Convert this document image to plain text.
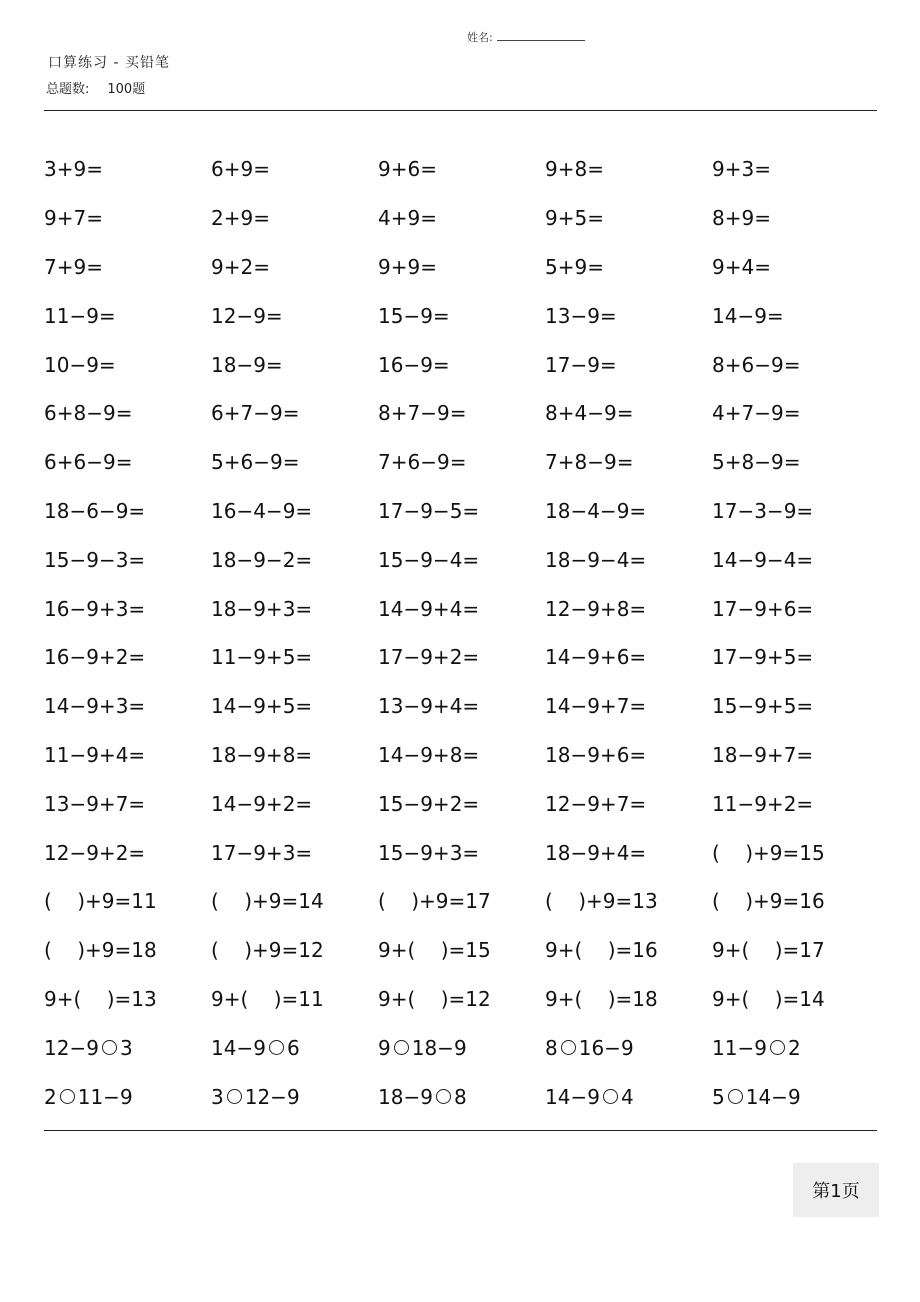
姓名:
口算练习 - 买铅笔
总题数: 100题
3+9=	6+9=	9+6=	9+8=	9+3=
9+7=	2+9=	4+9=	9+5=	8+9=
7+9=	9+2=	9+9=	5+9=	9+4=
11−9=	12−9=	15−9=	13−9=	14−9=
10−9=	18−9=	16−9=	17−9=	8+6−9=
6+8−9=	6+7−9=	8+7−9=	8+4−9=	4+7−9=
6+6−9=	5+6−9=	7+6−9=	7+8−9=	5+8−9=
18−6−9=	16−4−9=	17−9−5=	18−4−9=	17−3−9=
15−9−3=	18−9−2=	15−9−4=	18−9−4=	14−9−4=
16−9+3=	18−9+3=	14−9+4=	12−9+8=	17−9+6=
16−9+2=	11−9+5=	17−9+2=	14−9+6=	17−9+5=
14−9+3=	14−9+5=	13−9+4=	14−9+7=	15−9+5=
11−9+4=	18−9+8=	14−9+8=	18−9+6=	18−9+7=
13−9+7=	14−9+2=	15−9+2=	12−9+7=	11−9+2=
12−9+2=	17−9+3=	15−9+3=	18−9+4=	(    )+9=15
(    )+9=11	(    )+9=14	(    )+9=17	(    )+9=13	(    )+9=16
(    )+9=18	(    )+9=12	9+(    )=15	9+(    )=16	9+(    )=17
9+(    )=13	9+(    )=11	9+(    )=12	9+(    )=18	9+(    )=14
12−9 3	14−9 6	9 18−9	8 16−9	11−9 2
2 11−9	3 12−9	18−9 8	14−9 4	5 14−9
第1页
